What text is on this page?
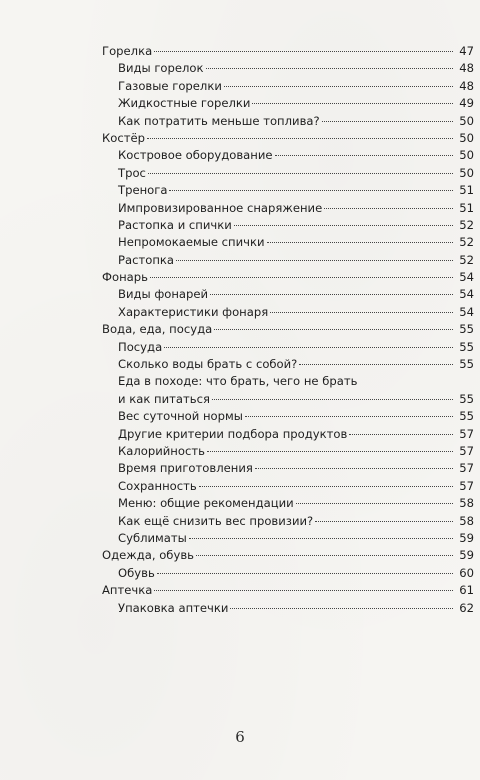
Горелка	47
Виды горелок	48
Газовые горелки	48
Жидкостные горелки	49
Как потратить меньше топлива?	50
Костёр	50
Костровое оборудование	50
Трос	50
Тренога	51
Импровизированное снаряжение	51
Растопка и спички	52
Непромокаемые спички	52
Растопка	52
Фонарь	54
Виды фонарей	54
Характеристики фонаря	54
Вода, еда, посуда	55
Посуда	55
Сколько воды брать с собой?	55
Еда в походе: что брать, чего не брать
и как питаться	55
Вес суточной нормы	55
Другие критерии подбора продуктов	57
Калорийность	57
Время приготовления	57
Сохранность	57
Меню: общие рекомендации	58
Как ещё снизить вес провизии?	58
Сублиматы	59
Одежда, обувь	59
Обувь	60
Аптечка	61
Упаковка аптечки	62
6
